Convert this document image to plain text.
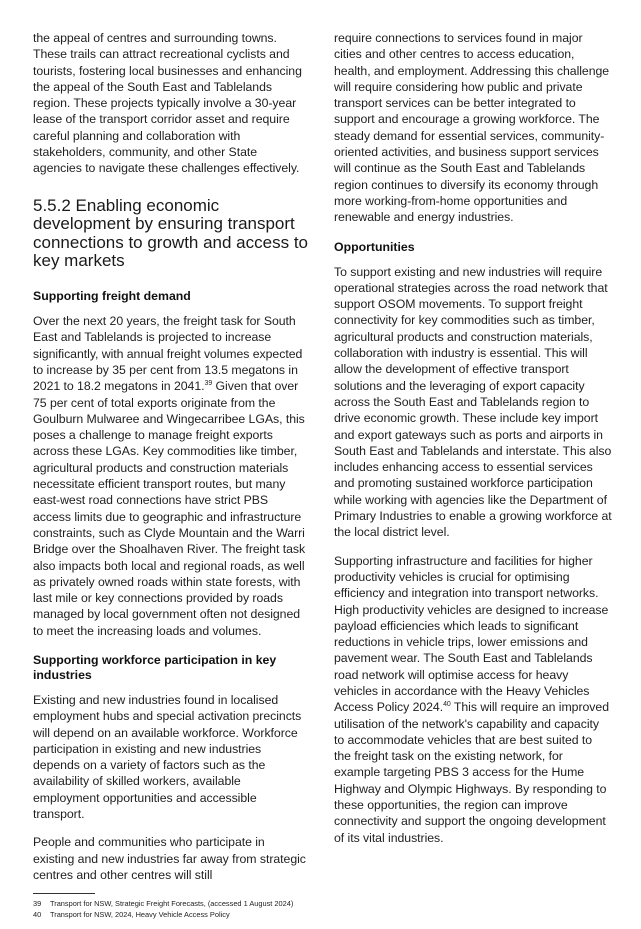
the appeal of centres and surrounding towns. These trails can attract recreational cyclists and tourists, fostering local businesses and enhancing the appeal of the South East and Tablelands region. These projects typically involve a 30-year lease of the transport corridor asset and require careful planning and collaboration with stakeholders, community, and other State agencies to navigate these challenges effectively.

5.5.2 Enabling economic development by ensuring transport connections to growth and access to key markets
Supporting freight demand

Over the next 20 years, the freight task for South East and Tablelands is projected to increase significantly, with annual freight volumes expected to increase by 35 per cent from 13.5 megatons in 2021 to 18.2 megatons in 2041.39 Given that over 75 per cent of total exports originate from the Goulburn Mulwaree and Wingecarribee LGAs, this poses a challenge to manage freight exports across these LGAs. Key commodities like timber, agricultural products and construction materials necessitate efficient transport routes, but many east-west road connections have strict PBS access limits due to geographic and infrastructure constraints, such as Clyde Mountain and the Warri Bridge over the Shoalhaven River. The freight task also impacts both local and regional roads, as well as privately owned roads within state forests, with last mile or key connections provided by roads managed by local government often not designed to meet the increasing loads and volumes.

Supporting workforce participation in key industries

Existing and new industries found in localised employment hubs and special activation precincts will depend on an available workforce. Workforce participation in existing and new industries depends on a variety of factors such as the availability of skilled workers, available employment opportunities and accessible transport.

People and communities who participate in existing and new industries far away from strategic centres and other centres will still

require connections to services found in major cities and other centres to access education, health, and employment. Addressing this challenge will require considering how public and private transport services can be better integrated to support and encourage a growing workforce. The steady demand for essential services, community-oriented activities, and business support services will continue as the South East and Tablelands region continues to diversify its economy through more working-from-home opportunities and renewable and energy industries.

Opportunities

To support existing and new industries will require operational strategies across the road network that support OSOM movements. To support freight connectivity for key commodities such as timber, agricultural products and construction materials, collaboration with industry is essential. This will allow the development of effective transport solutions and the leveraging of export capacity across the South East and Tablelands region to drive economic growth. These include key import and export gateways such as ports and airports in South East and Tablelands and interstate. This also includes enhancing access to essential services and promoting sustained workforce participation while working with agencies like the Department of Primary Industries to enable a growing workforce at the local district level.

Supporting infrastructure and facilities for higher productivity vehicles is crucial for optimising efficiency and integration into transport networks. High productivity vehicles are designed to increase payload efficiencies which leads to significant reductions in vehicle trips, lower emissions and pavement wear. The South East and Tablelands road network will optimise access for heavy vehicles in accordance with the Heavy Vehicles Access Policy 2024.40 This will require an improved utilisation of the network's capability and capacity to accommodate vehicles that are best suited to the freight task on the existing network, for example targeting PBS 3 access for the Hume Highway and Olympic Highways. By responding to these opportunities, the region can improve connectivity and support the ongoing development of its vital industries.

39 Transport for NSW, Strategic Freight Forecasts, (accessed 1 August 2024)
40 Transport for NSW, 2024, Heavy Vehicle Access Policy
